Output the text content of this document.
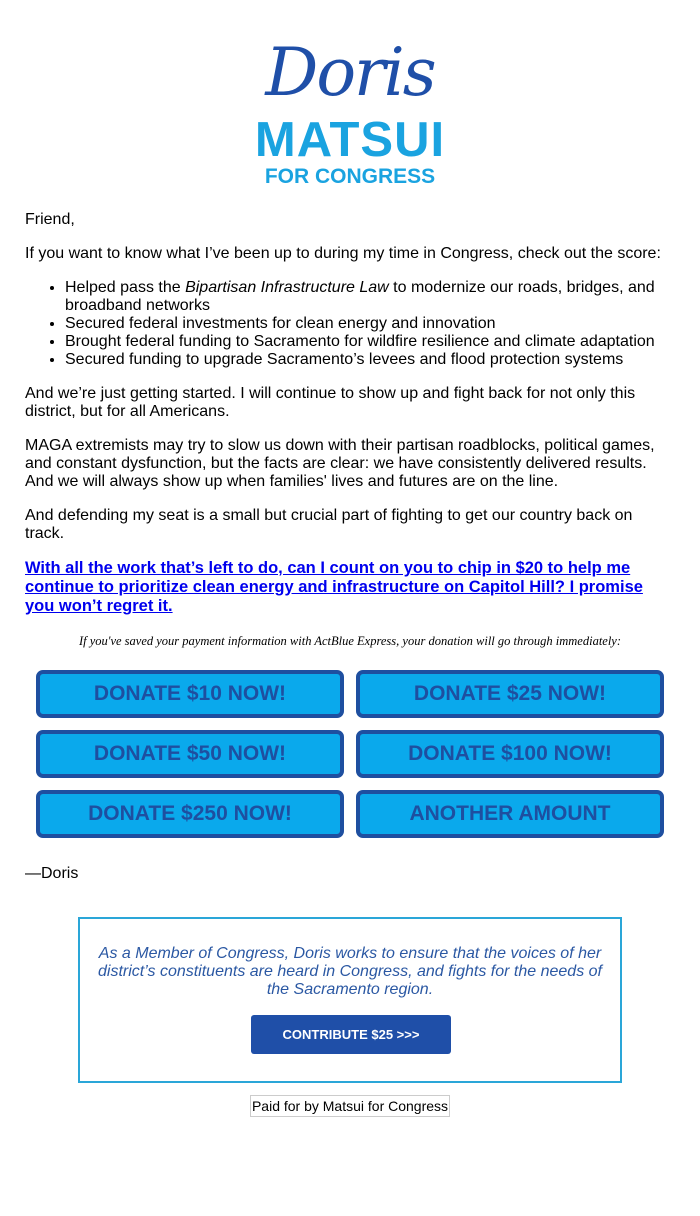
Doris
MATSUI
FOR CONGRESS

Friend,

If you want to know what I’ve been up to during my time in Congress, check out the score:

• Helped pass the Bipartisan Infrastructure Law to modernize our roads, bridges, and broadband networks
• Secured federal investments for clean energy and innovation
• Brought federal funding to Sacramento for wildfire resilience and climate adaptation
• Secured funding to upgrade Sacramento’s levees and flood protection systems

And we’re just getting started. I will continue to show up and fight back for not only this district, but for all Americans.

MAGA extremists may try to slow us down with their partisan roadblocks, political games, and constant dysfunction, but the facts are clear: we have consistently delivered results. And we will always show up when families' lives and futures are on the line.

And defending my seat is a small but crucial part of fighting to get our country back on track.

With all the work that’s left to do, can I count on you to chip in $20 to help me continue to prioritize clean energy and infrastructure on Capitol Hill? I promise you won’t regret it.

If you've saved your payment information with ActBlue Express, your donation will go through immediately:

DONATE $10 NOW!	DONATE $25 NOW!
DONATE $50 NOW!	DONATE $100 NOW!
DONATE $250 NOW!	ANOTHER AMOUNT
—Doris

As a Member of Congress, Doris works to ensure that the voices of her district’s constituents are heard in Congress, and fights for the needs of the Sacramento region.

CONTRIBUTE $25 >>>
Paid for by Matsui for Congress
